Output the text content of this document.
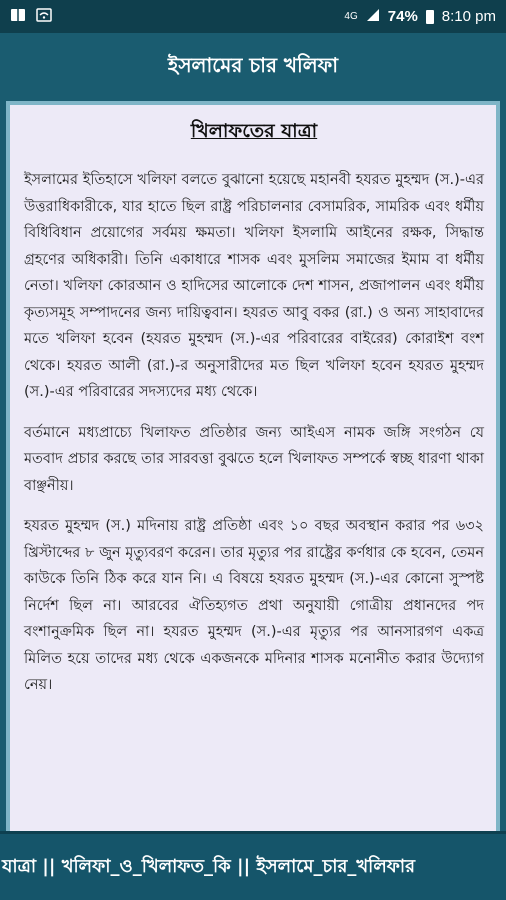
4G 74% 8:10 pm
ইসলামের চার খলিফা
খিলাফতের যাত্রা

ইসলামের ইতিহাসে খলিফা বলতে বুঝানো হয়েছে মহানবী হযরত মুহম্মদ (স.)-এর উত্তরাধিকারীকে, যার হাতে ছিল রাষ্ট্র পরিচালনার বেসামরিক, সামরিক এবং ধর্মীয় বিধিবিধান প্রয়োগের সর্বময় ক্ষমতা। খলিফা ইসলামি আইনের রক্ষক, সিদ্ধান্ত গ্রহণের অধিকারী। তিনি একাধারে শাসক এবং মুসলিম সমাজের ইমাম বা ধর্মীয় নেতা। খলিফা কোরআন ও হাদিসের আলোকে দেশ শাসন, প্রজাপালন এবং ধর্মীয় কৃত্যসমূহ সম্পাদনের জন্য দায়িত্ববান। হযরত আবু বকর (রা.) ও অন্য সাহাবাদের মতে খলিফা হবেন (হযরত মুহম্মদ (স.)-এর পরিবারের বাইরের) কোরাইশ বংশ থেকে। হযরত আলী (রা.)-র অনুসারীদের মত ছিল খলিফা হবেন হযরত মুহম্মদ (স.)-এর পরিবারের সদস্যদের মধ্য থেকে।

বর্তমানে মধ্যপ্রাচ্যে খিলাফত প্রতিষ্ঠার জন্য আইএস নামক জঙ্গি সংগঠন যে মতবাদ প্রচার করছে তার সারবত্তা বুঝতে হলে খিলাফত সম্পর্কে স্বচ্ছ ধারণা থাকা বাঞ্ছনীয়।

হযরত মুহম্মদ (স.) মদিনায় রাষ্ট্র প্রতিষ্ঠা এবং ১০ বছর অবস্থান করার পর ৬৩২ খ্রিস্টাব্দের ৮ জুন মৃত্যুবরণ করেন। তার মৃত্যুর পর রাষ্ট্রের কর্ণধার কে হবেন, তেমন কাউকে তিনি ঠিক করে যান নি। এ বিষয়ে হযরত মুহম্মদ (স.)-এর কোনো সুস্পষ্ট নির্দেশ ছিল না। আরবের ঐতিহ্যগত প্রথা অনুযায়ী গোত্রীয় প্রধানদের পদ বংশানুক্রমিক ছিল না। হযরত মুহম্মদ (স.)-এর মৃত্যুর পর আনসারগণ একত্র মিলিত হয়ে তাদের মধ্য থেকে একজনকে মদিনার শাসক মনোনীত করার উদ্যোগ নেয়।

যাত্রা || খলিফা_ও_খিলাফত_কি || ইসলামে_চার_খলিফার
